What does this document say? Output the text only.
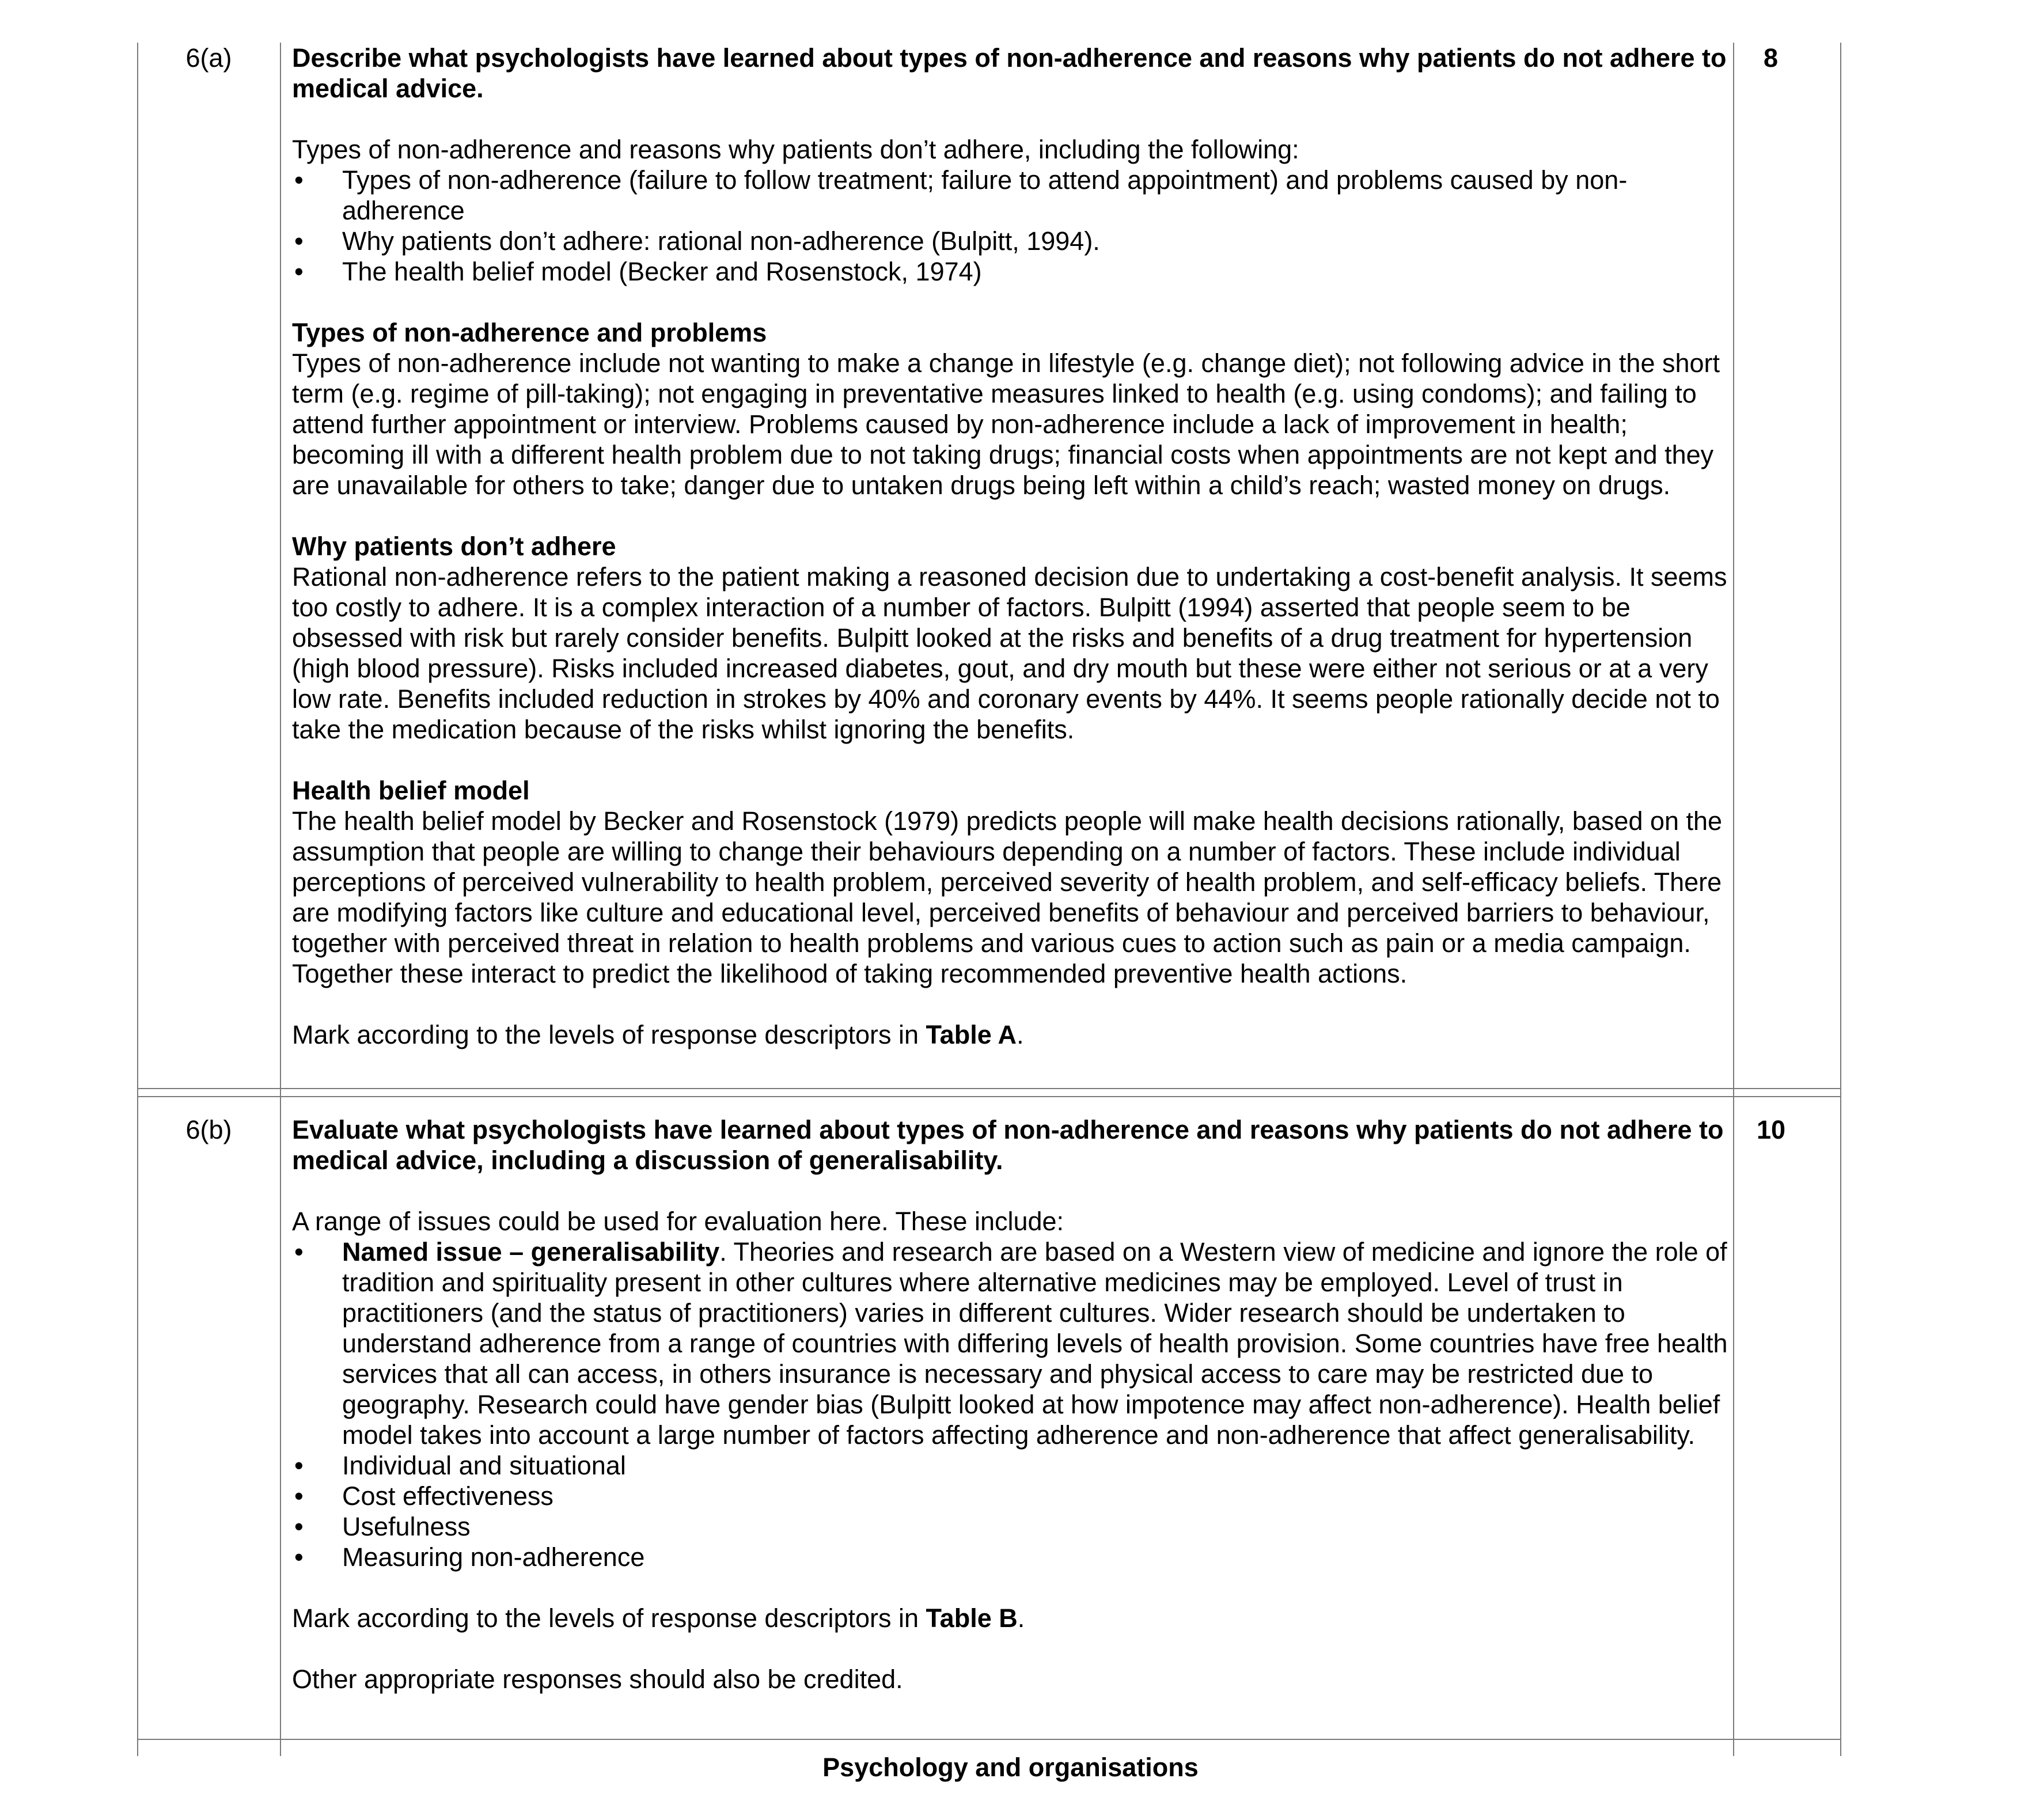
6(a)	8

Describe what psychologists have learned about types of non-adherence and reasons why patients do not adhere to medical advice.

Types of non-adherence and reasons why patients don’t adhere, including the following:

• Types of non-adherence (failure to follow treatment; failure to attend appointment) and problems caused by non-adherence
• Why patients don’t adhere: rational non-adherence (Bulpitt, 1994).
• The health belief model (Becker and Rosenstock, 1974)

Types of non-adherence and problems

Types of non-adherence include not wanting to make a change in lifestyle (e.g. change diet); not following advice in the short term (e.g. regime of pill-taking); not engaging in preventative measures linked to health (e.g. using condoms); and failing to attend further appointment or interview. Problems caused by non-adherence include a lack of improvement in health; becoming ill with a different health problem due to not taking drugs; financial costs when appointments are not kept and they are unavailable for others to take; danger due to untaken drugs being left within a child’s reach; wasted money on drugs.

Why patients don’t adhere

Rational non-adherence refers to the patient making a reasoned decision due to undertaking a cost-benefit analysis. It seems too costly to adhere. It is a complex interaction of a number of factors. Bulpitt (1994) asserted that people seem to be obsessed with risk but rarely consider benefits. Bulpitt looked at the risks and benefits of a drug treatment for hypertension (high blood pressure). Risks included increased diabetes, gout, and dry mouth but these were either not serious or at a very low rate. Benefits included reduction in strokes by 40% and coronary events by 44%. It seems people rationally decide not to take the medication because of the risks whilst ignoring the benefits.

Health belief model

The health belief model by Becker and Rosenstock (1979) predicts people will make health decisions rationally, based on the assumption that people are willing to change their behaviours depending on a number of factors. These include individual perceptions of perceived vulnerability to health problem, perceived severity of health problem, and self-efficacy beliefs. There are modifying factors like culture and educational level, perceived benefits of behaviour and perceived barriers to behaviour, together with perceived threat in relation to health problems and various cues to action such as pain or a media campaign. Together these interact to predict the likelihood of taking recommended preventive health actions.

Mark according to the levels of response descriptors in Table A.

6(b)	10

Evaluate what psychologists have learned about types of non-adherence and reasons why patients do not adhere to medical advice, including a discussion of generalisability.

A range of issues could be used for evaluation here. These include:

• Named issue – generalisability. Theories and research are based on a Western view of medicine and ignore the role of tradition and spirituality present in other cultures where alternative medicines may be employed. Level of trust in practitioners (and the status of practitioners) varies in different cultures. Wider research should be undertaken to understand adherence from a range of countries with differing levels of health provision. Some countries have free health services that all can access, in others insurance is necessary and physical access to care may be restricted due to geography. Research could have gender bias (Bulpitt looked at how impotence may affect non-adherence). Health belief model takes into account a large number of factors affecting adherence and non-adherence that affect generalisability.
• Individual and situational
• Cost effectiveness
• Usefulness
• Measuring non-adherence

Mark according to the levels of response descriptors in Table B.

Other appropriate responses should also be credited.

Psychology and organisations
